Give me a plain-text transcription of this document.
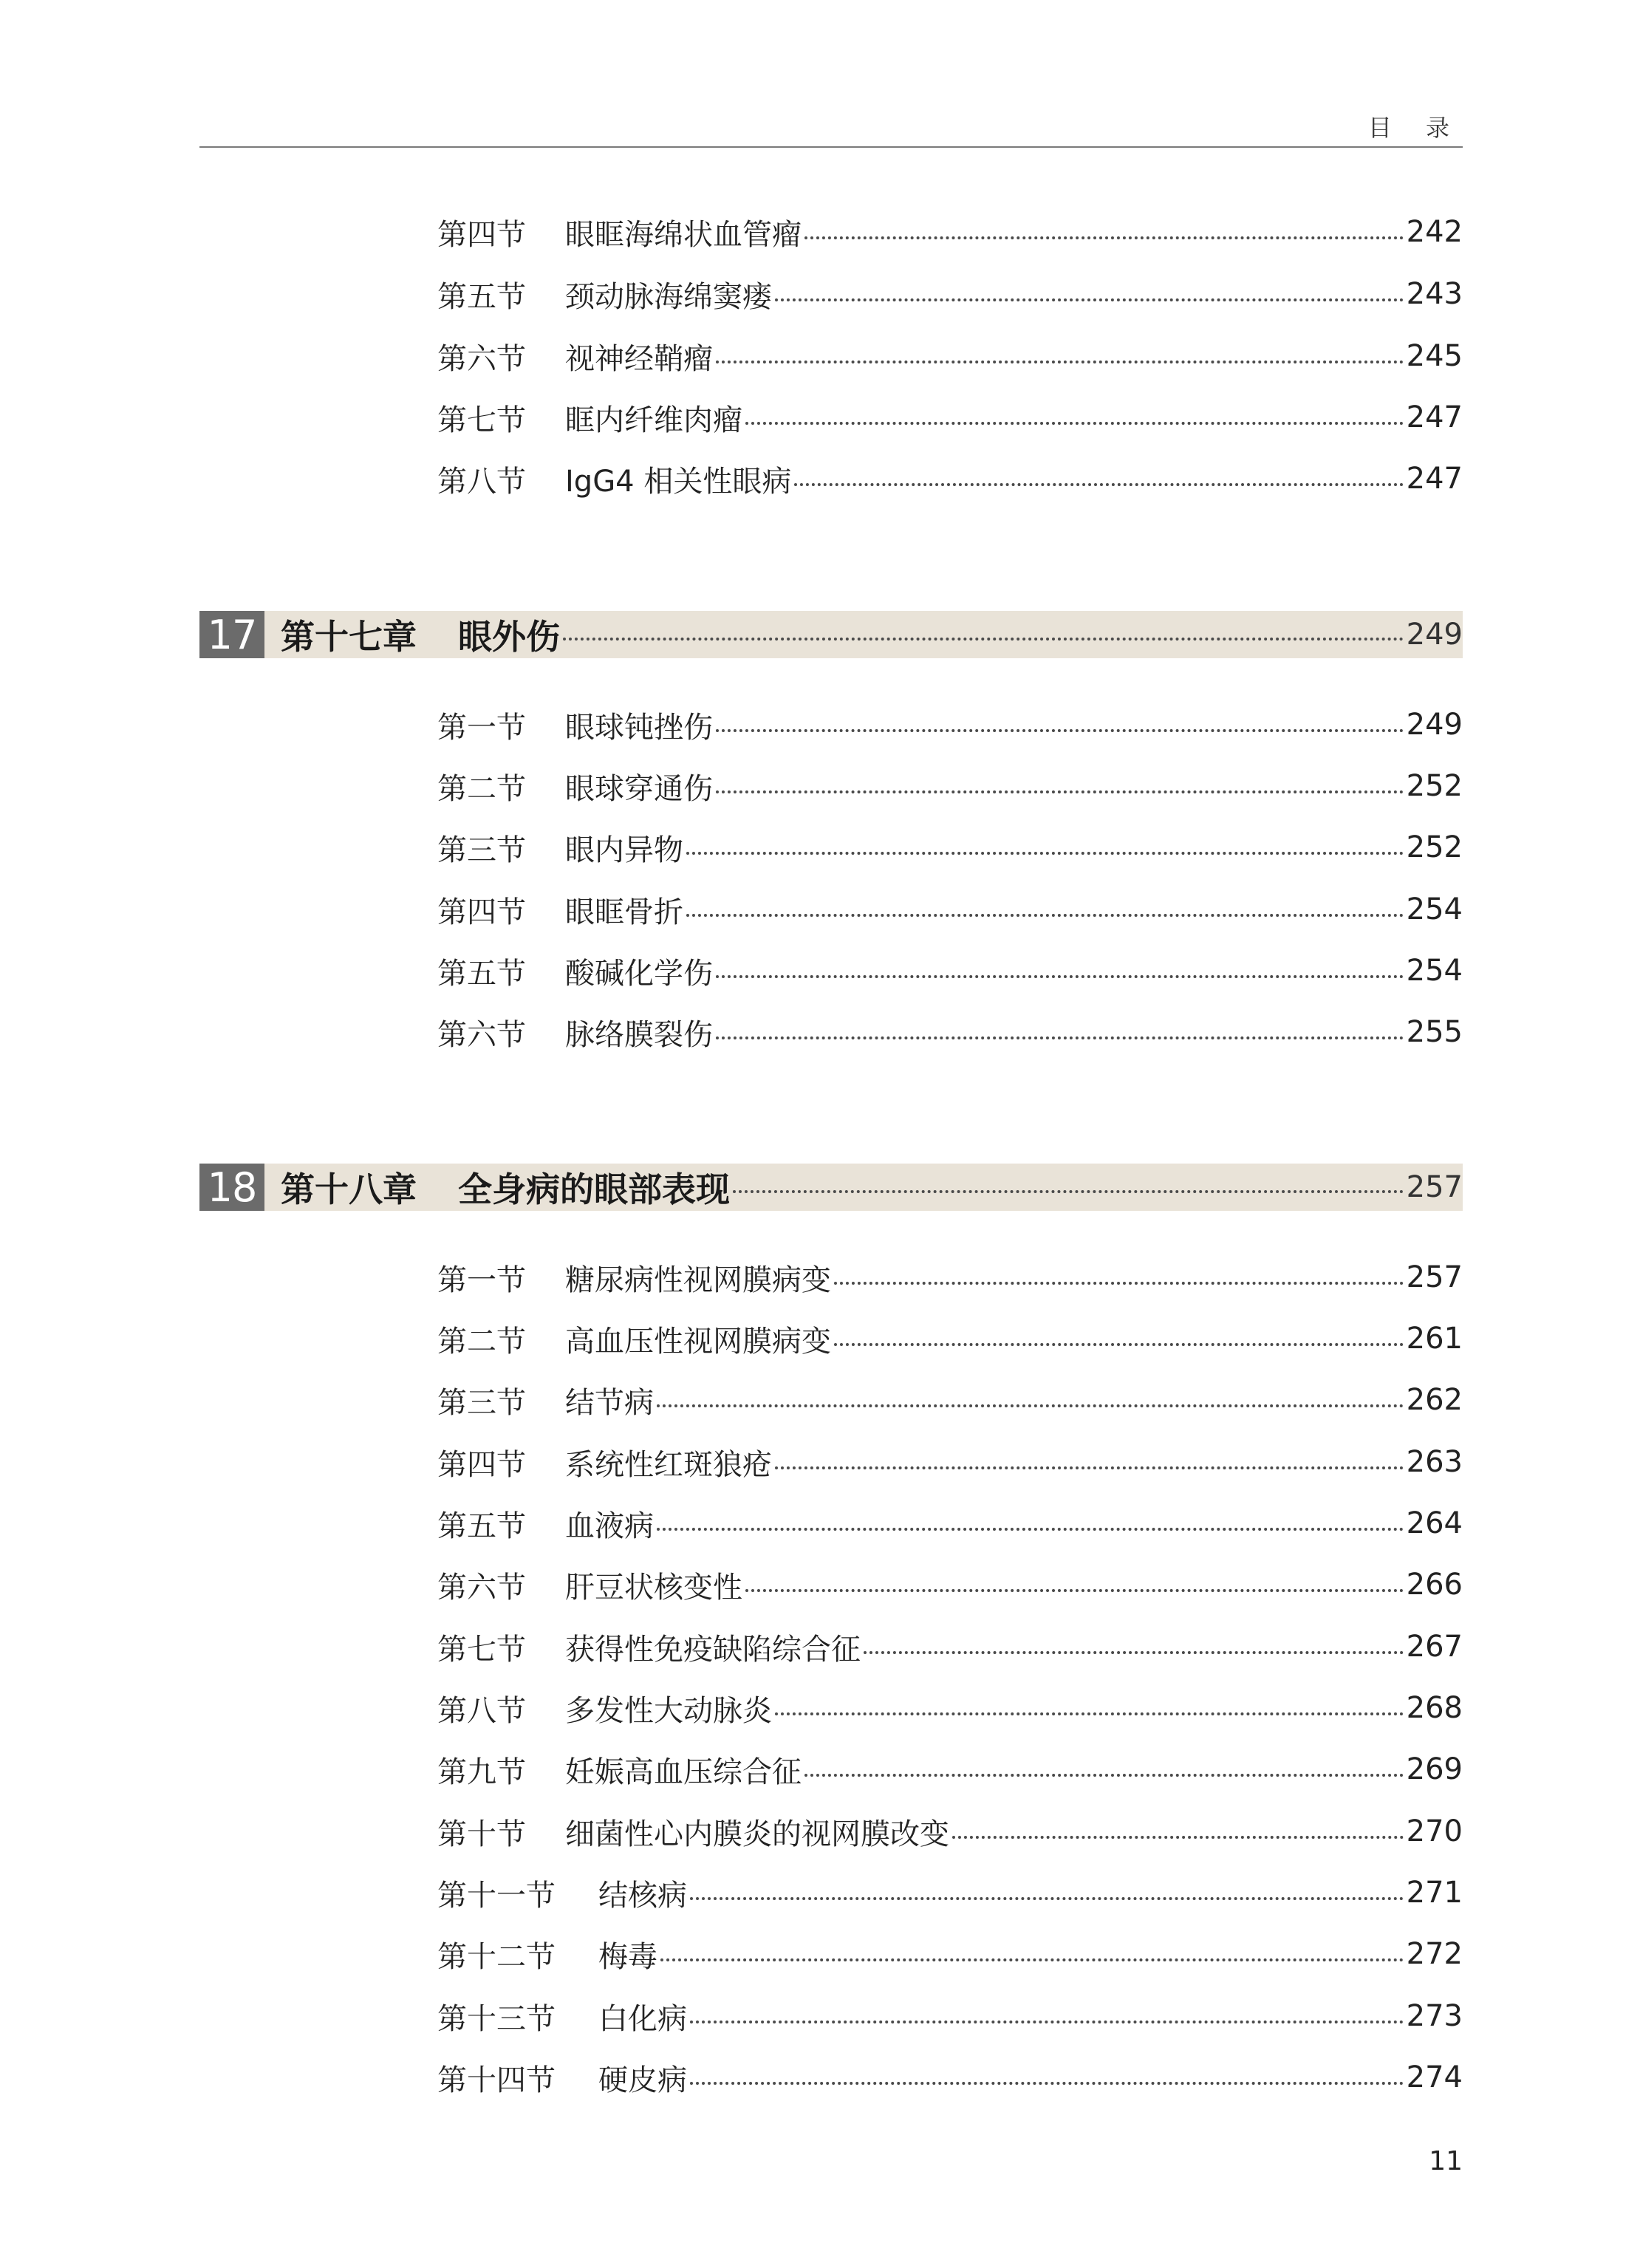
目 录
第四节	眼眶海绵状血管瘤	242
第五节	颈动脉海绵窦瘘	243
第六节	视神经鞘瘤	245
第七节	眶内纤维肉瘤	247
第八节	IgG4 相关性眼病	247
17 第十七章 眼外伤	249
第一节	眼球钝挫伤	249
第二节	眼球穿通伤	252
第三节	眼内异物	252
第四节	眼眶骨折	254
第五节	酸碱化学伤	254
第六节	脉络膜裂伤	255
18 第十八章 全身病的眼部表现	257
第一节	糖尿病性视网膜病变	257
第二节	高血压性视网膜病变	261
第三节	结节病	262
第四节	系统性红斑狼疮	263
第五节	血液病	264
第六节	肝豆状核变性	266
第七节	获得性免疫缺陷综合征	267
第八节	多发性大动脉炎	268
第九节	妊娠高血压综合征	269
第十节	细菌性心内膜炎的视网膜改变	270
第十一节	结核病	271
第十二节	梅毒	272
第十三节	白化病	273
第十四节	硬皮病	274
11
